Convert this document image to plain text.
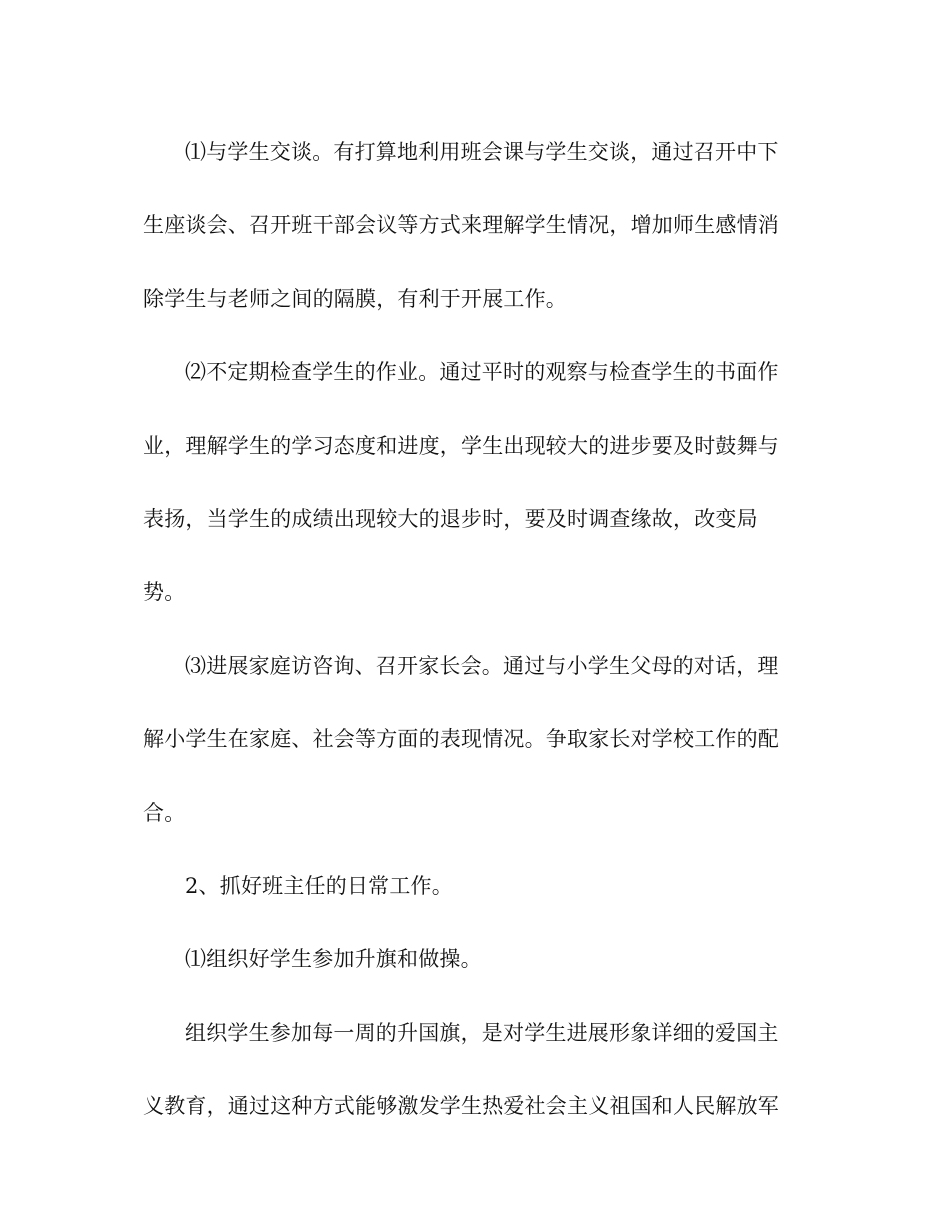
⑴与学生交谈。有打算地利用班会课与学生交谈，通过召开中下
生座谈会、召开班干部会议等方式来理解学生情况，增加师生感情消
除学生与老师之间的隔膜，有利于开展工作。

⑵不定期检查学生的作业。通过平时的观察与检查学生的书面作
业，理解学生的学习态度和进度，学生出现较大的进步要及时鼓舞与
表扬，当学生的成绩出现较大的退步时，要及时调查缘故，改变局
势。

⑶进展家庭访咨询、召开家长会。通过与小学生父母的对话，理
解小学生在家庭、社会等方面的表现情况。争取家长对学校工作的配
合。

2、抓好班主任的日常工作。

⑴组织好学生参加升旗和做操。

组织学生参加每一周的升国旗，是对学生进展形象详细的爱国主
义教育，通过这种方式能够激发学生热爱社会主义祖国和人民解放军
